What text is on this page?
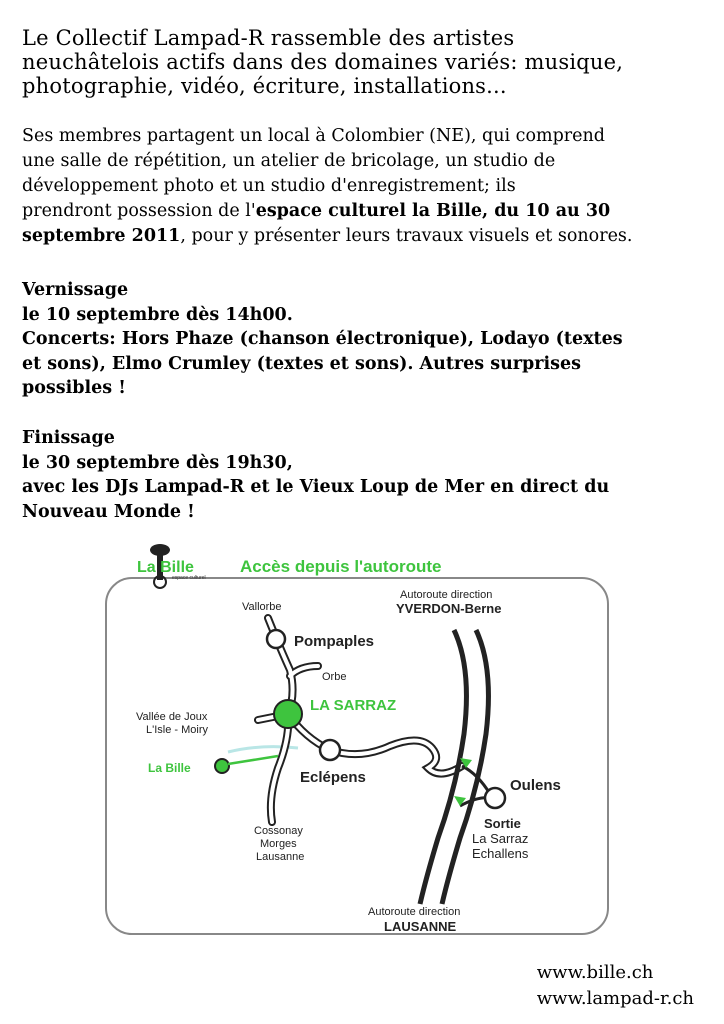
Le Collectif Lampad-R rassemble des artistes
neuchâtelois actifs dans des domaines variés: musique,
photographie, vidéo, écriture, installations...
Ses membres partagent un local à Colombier (NE), qui comprend
une salle de répétition, un atelier de bricolage, un studio de
développement photo et un studio d'enregistrement; ils
prendront possession de l'espace culturel la Bille, du 10 au 30
septembre 2011, pour y présenter leurs travaux visuels et sonores.
Vernissage
le 10 septembre dès 14h00.
Concerts: Hors Phaze (chanson électronique), Lodayo (textes
et sons), Elmo Crumley (textes et sons). Autres surprises
possibles !
Finissage
le 30 septembre dès 19h30,
avec les DJs Lampad-R et le Vieux Loup de Mer en direct du
Nouveau Monde !
La Bille
espace culturel
Accès depuis l'autoroute
Vallorbe
Pompaples
Orbe
LA SARRAZ
Vallée de Joux
L'Isle - Moiry
La Bille
Eclépens
Cossonay
Morges
Lausanne
Oulens
Sortie
La Sarraz
Echallens
Autoroute direction
YVERDON-Berne
Autoroute direction
LAUSANNE
www.bille.ch
www.lampad-r.ch
